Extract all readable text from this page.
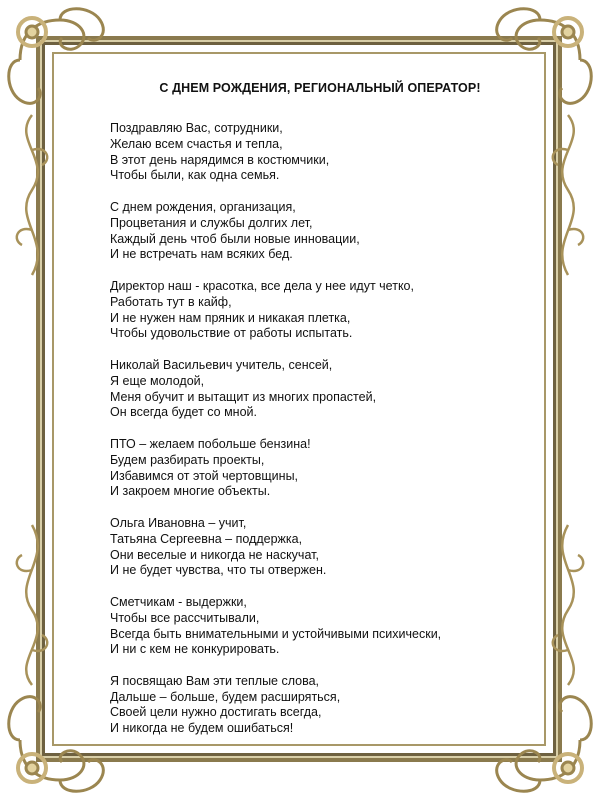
С ДНЕМ РОЖДЕНИЯ, РЕГИОНАЛЬНЫЙ ОПЕРАТОР!
Поздравляю Вас, сотрудники,
Желаю всем счастья и тепла,
В этот день нарядимся в костюмчики,
Чтобы были, как одна семья.
С днем рождения, организация,
Процветания и службы долгих лет,
Каждый день чтоб были новые инновации,
И не встречать нам всяких бед.
Директор наш - красотка, все дела у нее идут четко,
Работать тут в кайф,
И не нужен нам пряник и никакая плетка,
Чтобы удовольствие от работы испытать.
Николай Васильевич учитель, сенсей,
Я еще молодой,
Меня обучит и вытащит из многих пропастей,
Он всегда будет со мной.
ПТО – желаем побольше бензина!
Будем разбирать проекты,
Избавимся от этой чертовщины,
И закроем многие объекты.
Ольга Ивановна – учит,
Татьяна Сергеевна – поддержка,
Они веселые и никогда не наскучат,
И не будет чувства, что ты отвержен.
Сметчикам - выдержки,
Чтобы все рассчитывали,
Всегда быть внимательными и устойчивыми психически,
И ни с кем не конкурировать.
Я посвящаю Вам эти теплые слова,
Дальше – больше, будем расширяться,
Своей цели нужно достигать всегда,
И никогда не будем ошибаться!
